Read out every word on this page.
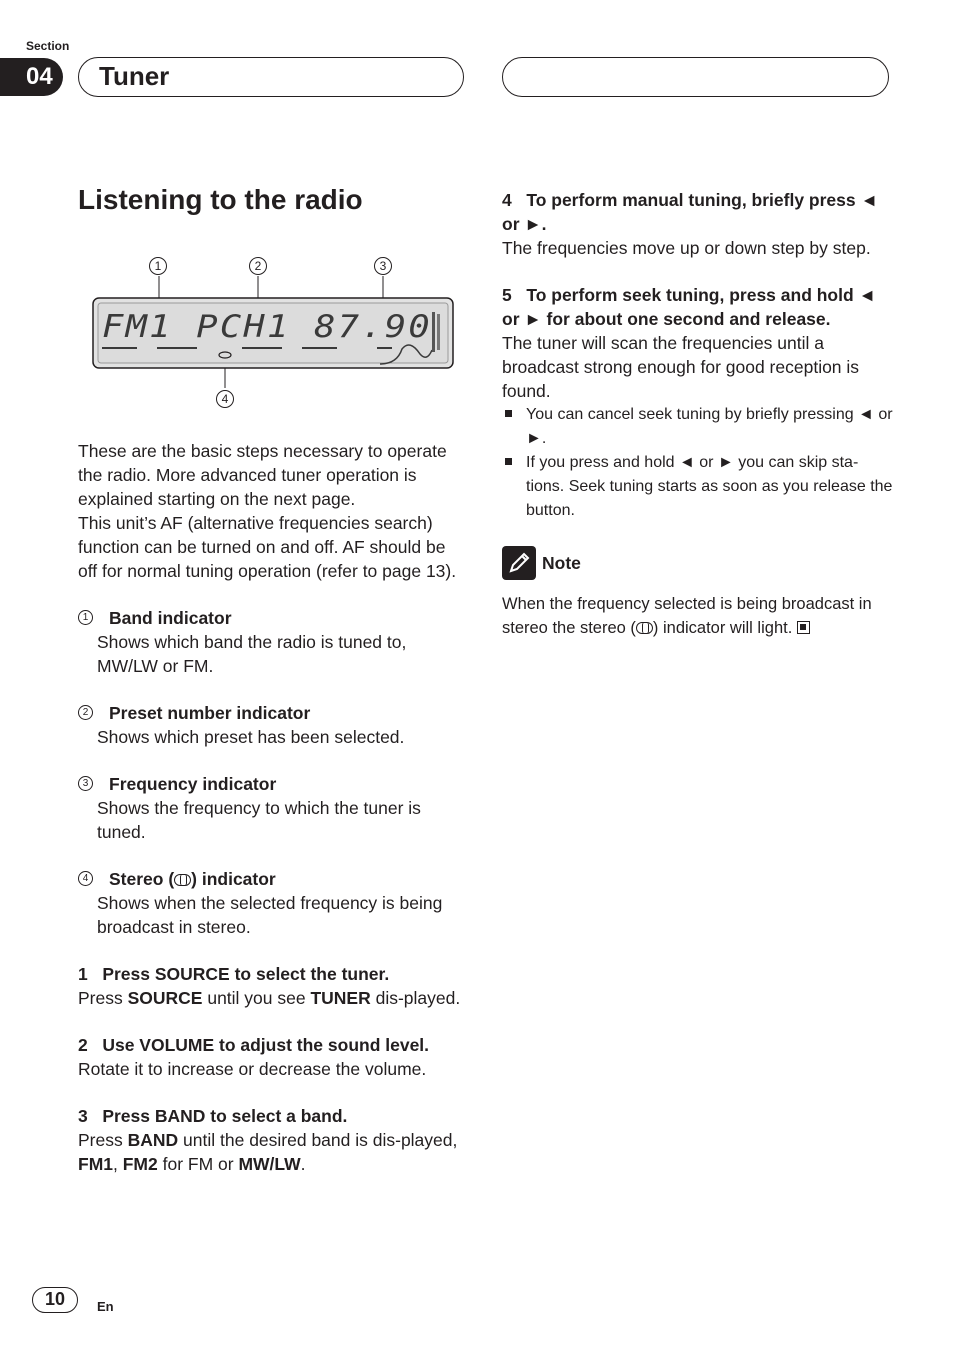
Section
04	Tuner
Listening to the radio
1	2	3
4
FM1 PCH1 87.90

These are the basic steps necessary to operate the radio. More advanced tuner operation is explained starting on the next page.

This unit’s AF (alternative frequencies search) function can be turned on and off. AF should be off for normal tuning operation (refer to page 13).

1 Band indicator

Shows which band the radio is tuned to, MW/LW or FM.

2 Preset number indicator

Shows which preset has been selected.

3 Frequency indicator

Shows the frequency to which the tuner is tuned.

4 Stereo ( ) indicator

Shows when the selected frequency is being broadcast in stereo.

1   Press SOURCE to select the tuner.

Press SOURCE until you see TUNER dis-played.

2   Use VOLUME to adjust the sound level.

Rotate it to increase or decrease the volume.

3   Press BAND to select a band.

Press BAND until the desired band is dis-played, FM1, FM2 for FM or MW/LW.

4   To perform manual tuning, briefly press ◄ or ►.

The frequencies move up or down step by step.

5   To perform seek tuning, press and hold ◄ or ► for about one second and release.

The tuner will scan the frequencies until a broadcast strong enough for good reception is found.

You can cancel seek tuning by briefly pressing ◄ or ►.

If you press and hold ◄ or ► you can skip sta-tions. Seek tuning starts as soon as you release the button.

Note

When the frequency selected is being broadcast in stereo the stereo ( ) indicator will light.

10	En
